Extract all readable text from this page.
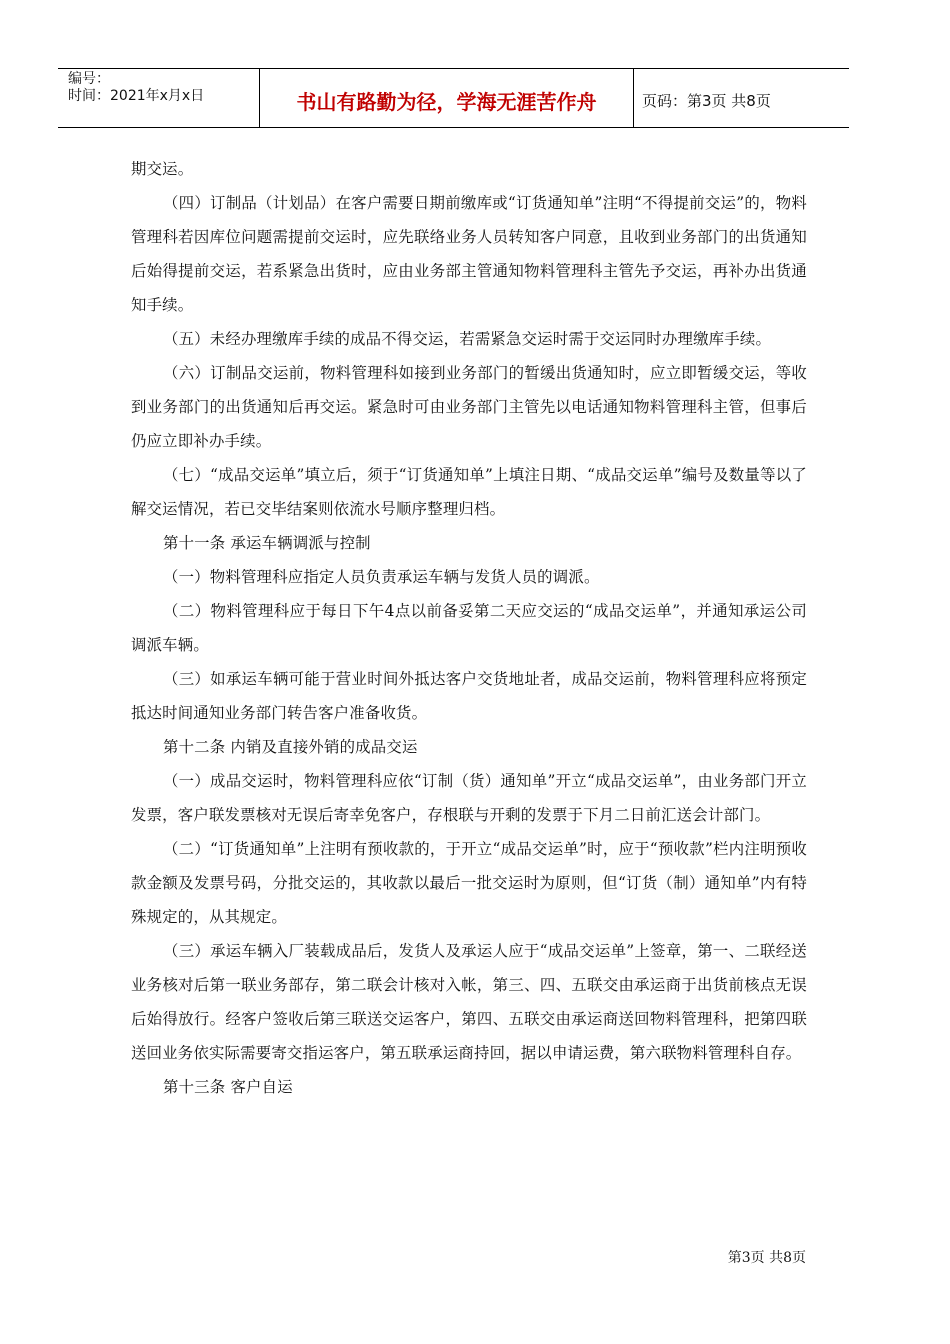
编号：
时间：2021年x月x日	书山有路勤为径，学海无涯苦作舟	页码：第3页 共8页

期交运。

（四）订制品（计划品）在客户需要日期前缴库或“订货通知单”注明“不得提前交运”的，物料管理科若因库位问题需提前交运时，应先联络业务人员转知客户同意，且收到业务部门的出货通知后始得提前交运，若系紧急出货时，应由业务部主管通知物料管理科主管先予交运，再补办出货通知手续。

（五）未经办理缴库手续的成品不得交运，若需紧急交运时需于交运同时办理缴库手续。

（六）订制品交运前，物料管理科如接到业务部门的暂缓出货通知时，应立即暂缓交运，等收到业务部门的出货通知后再交运。紧急时可由业务部门主管先以电话通知物料管理科主管，但事后仍应立即补办手续。

（七）“成品交运单”填立后，须于“订货通知单”上填注日期、“成品交运单”编号及数量等以了解交运情况，若已交毕结案则依流水号顺序整理归档。

第十一条 承运车辆调派与控制

（一）物料管理科应指定人员负责承运车辆与发货人员的调派。

（二）物料管理科应于每日下午4点以前备妥第二天应交运的“成品交运单”，并通知承运公司调派车辆。

（三）如承运车辆可能于营业时间外抵达客户交货地址者，成品交运前，物料管理科应将预定抵达时间通知业务部门转告客户准备收货。

第十二条 内销及直接外销的成品交运

（一）成品交运时，物料管理科应依“订制（货）通知单”开立“成品交运单”，由业务部门开立发票，客户联发票核对无误后寄幸免客户，存根联与开剩的发票于下月二日前汇送会计部门。

（二）“订货通知单”上注明有预收款的，于开立“成品交运单”时，应于“预收款”栏内注明预收款金额及发票号码，分批交运的，其收款以最后一批交运时为原则，但“订货（制）通知单”内有特殊规定的，从其规定。

（三）承运车辆入厂装载成品后，发货人及承运人应于“成品交运单”上签章，第一、二联经送业务核对后第一联业务部存，第二联会计核对入帐，第三、四、五联交由承运商于出货前核点无误后始得放行。经客户签收后第三联送交运客户，第四、五联交由承运商送回物料管理科，把第四联送回业务依实际需要寄交指运客户，第五联承运商持回，据以申请运费，第六联物料管理科自存。

第十三条 客户自运

第3页 共8页
